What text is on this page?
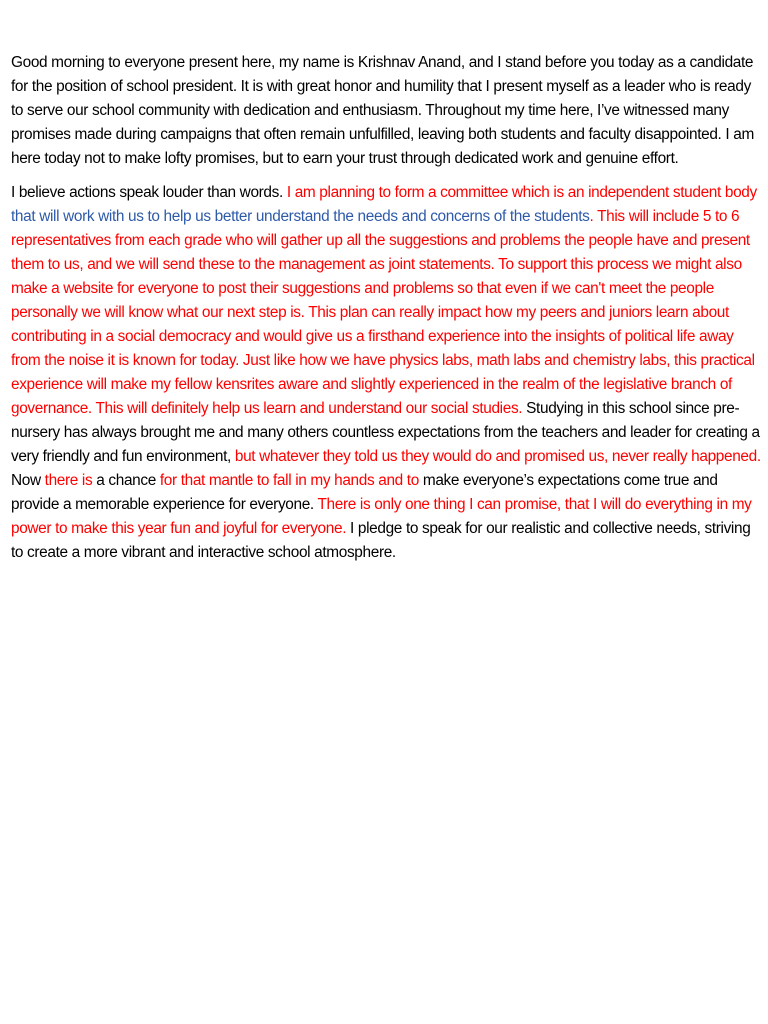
Good morning to everyone present here, my name is Krishnav Anand, and I stand before you today as a candidate for the position of school president. It is with great honor and humility that I present myself as a leader who is ready to serve our school community with dedication and enthusiasm. Throughout my time here, I’ve witnessed many promises made during campaigns that often remain unfulfilled, leaving both students and faculty disappointed. I am here today not to make lofty promises, but to earn your trust through dedicated work and genuine effort.

I believe actions speak louder than words. I am planning to form a committee which is an independent student body that will work with us to help us better understand the needs and concerns of the students. This will include 5 to 6 representatives from each grade who will gather up all the suggestions and problems the people have and present them to us, and we will send these to the management as joint statements. To support this process we might also make a website for everyone to post their suggestions and problems so that even if we can't meet the people personally we will know what our next step is. This plan can really impact how my peers and juniors learn about contributing in a social democracy and would give us a firsthand experience into the insights of political life away from the noise it is known for today. Just like how we have physics labs, math labs and chemistry labs, this practical experience will make my fellow kensrites aware and slightly experienced in the realm of the legislative branch of governance. This will definitely help us learn and understand our social studies. Studying in this school since pre-nursery has always brought me and many others countless expectations from the teachers and leader for creating a very friendly and fun environment, but whatever they told us they would do and promised us, never really happened. Now there is a chance for that mantle to fall in my hands and to make everyone’s expectations come true and provide a memorable experience for everyone. There is only one thing I can promise, that I will do everything in my power to make this year fun and joyful for everyone. I pledge to speak for our realistic and collective needs, striving to create a more vibrant and interactive school atmosphere.
